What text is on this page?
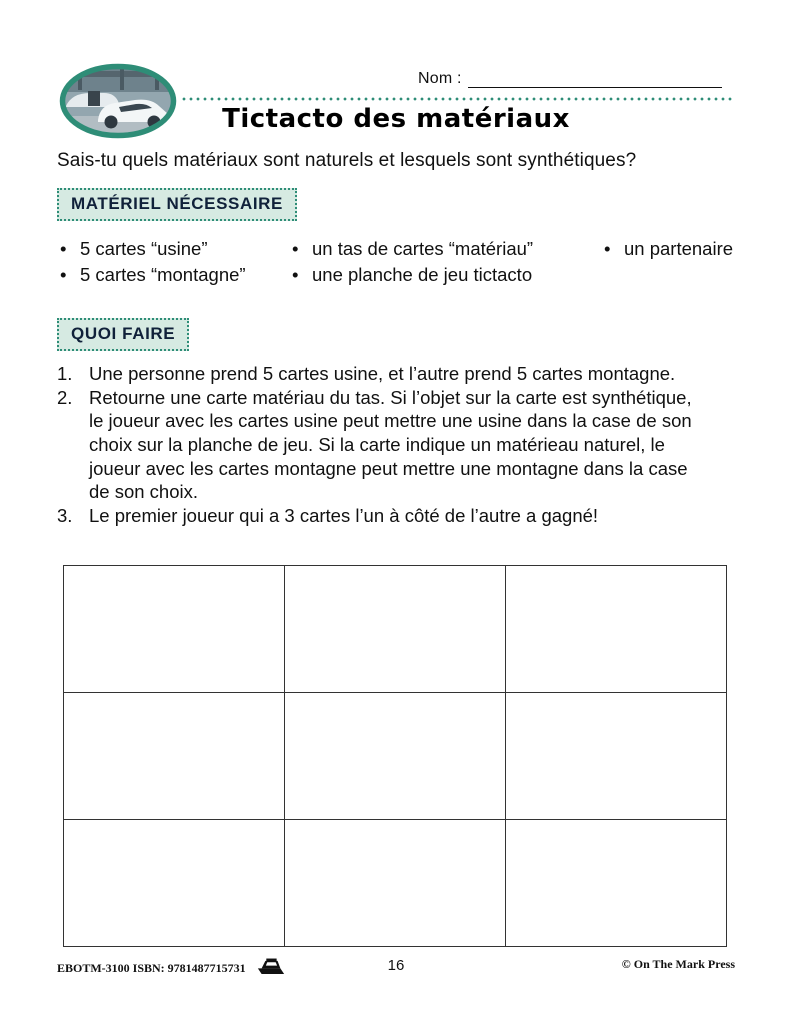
Nom :
Tictacto des matériaux

Sais-tu quels matériaux sont naturels et lesquels sont synthétiques?

MATÉRIEL NÉCESSAIRE
• 5 cartes “usine”
• 5 cartes “montagne”
• un tas de cartes “matériau”
• une planche de jeu tictacto
• un partenaire
QUOI FAIRE
1. Une personne prend 5 cartes usine, et l’autre prend 5 cartes montagne.
2. Retourne une carte matériau du tas. Si l’objet sur la carte est synthétique, le joueur avec les cartes usine peut mettre une usine dans la case de son choix sur la planche de jeu. Si la carte indique un matérieau naturel, le joueur avec les cartes montagne peut mettre une montagne dans la case de son choix.
3. Le premier joueur qui a 3 cartes l’un à côté de l’autre a gagné!

16
EBOTM-3100 ISBN: 9781487715731	© On The Mark Press
